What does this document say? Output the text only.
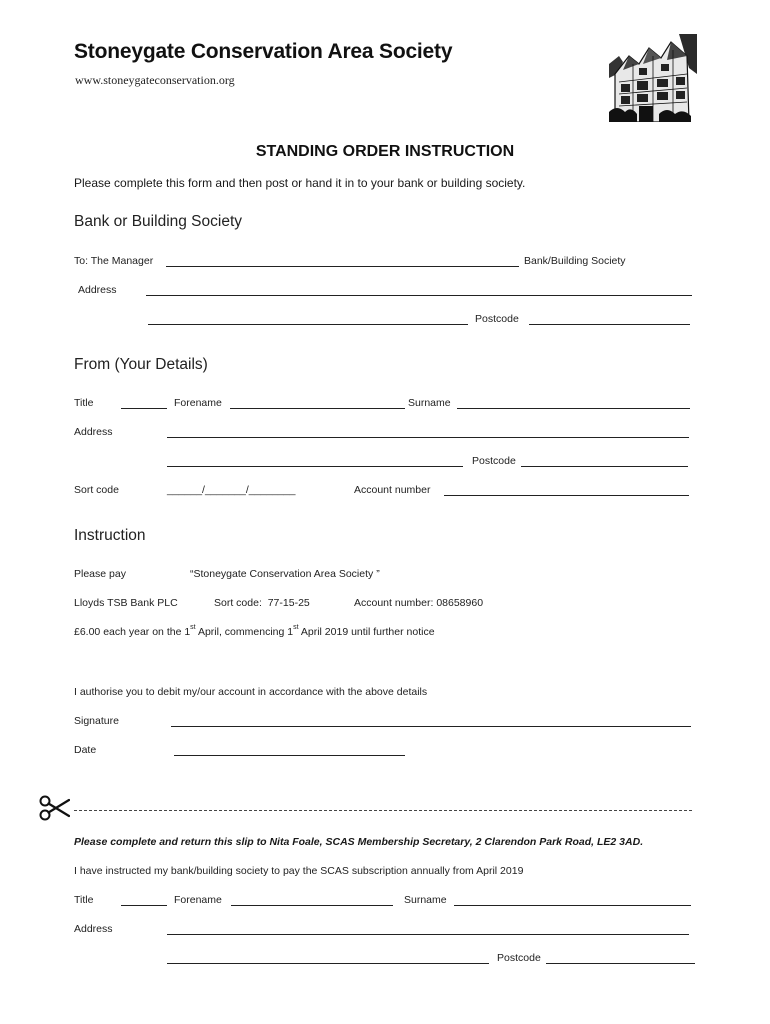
Stoneygate Conservation Area Society
www.stoneygateconservation.org
STANDING ORDER INSTRUCTION
Please complete this form and then post or hand it in to your bank or building society.
Bank or Building Society
To: The Manager	Bank/Building Society
Address
Postcode
From (Your Details)
Title	Forename	Surname
Address
Postcode
Sort code	______/_______/________	Account number
Instruction
Please pay	“Stoneygate Conservation Area Society ”
Lloyds TSB Bank PLC	Sort code: 77-15-25	Account number: 08658960
£6.00 each year on the 1st April, commencing 1st April 2019 until further notice
I authorise you to debit my/our account in accordance with the above details
Signature
Date
Please complete and return this slip to Nita Foale, SCAS Membership Secretary, 2 Clarendon Park Road, LE2 3AD.
I have instructed my bank/building society to pay the SCAS subscription annually from April 2019
Title	Forename	Surname
Address
Postcode
